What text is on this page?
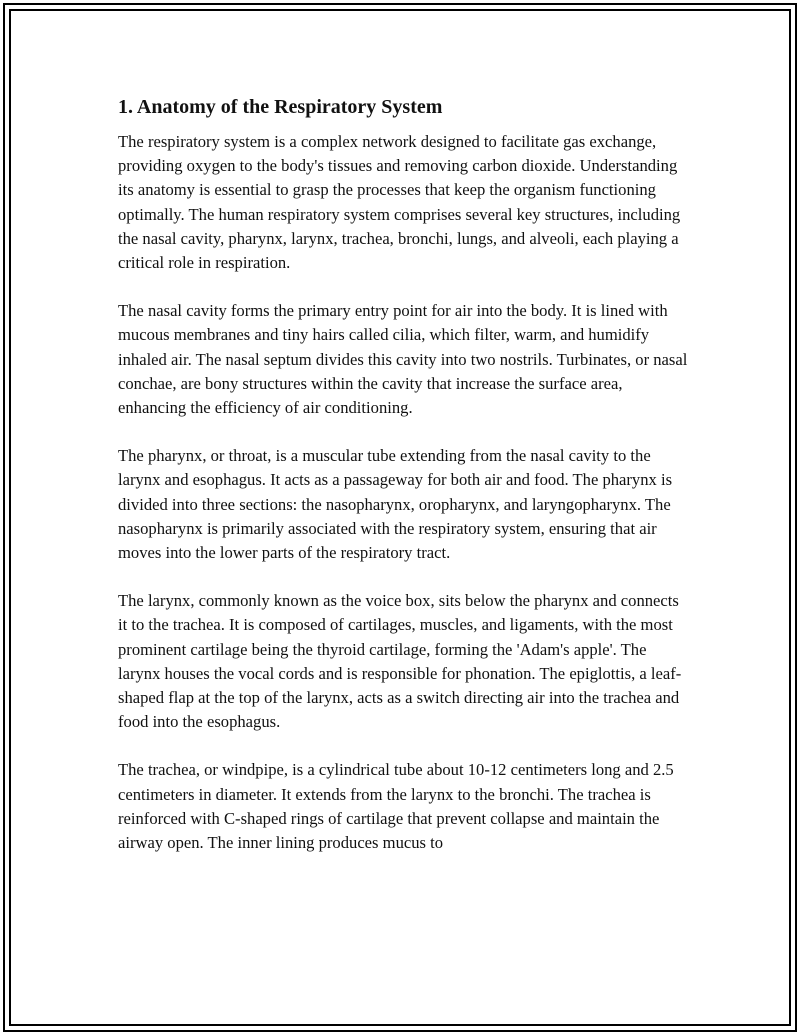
1. Anatomy of the Respiratory System

The respiratory system is a complex network designed to facilitate gas exchange, providing oxygen to the body's tissues and removing carbon dioxide. Understanding its anatomy is essential to grasp the processes that keep the organism functioning optimally. The human respiratory system comprises several key structures, including the nasal cavity, pharynx, larynx, trachea, bronchi, lungs, and alveoli, each playing a critical role in respiration.

The nasal cavity forms the primary entry point for air into the body. It is lined with mucous membranes and tiny hairs called cilia, which filter, warm, and humidify inhaled air. The nasal septum divides this cavity into two nostrils. Turbinates, or nasal conchae, are bony structures within the cavity that increase the surface area, enhancing the efficiency of air conditioning.

The pharynx, or throat, is a muscular tube extending from the nasal cavity to the larynx and esophagus. It acts as a passageway for both air and food. The pharynx is divided into three sections: the nasopharynx, oropharynx, and laryngopharynx. The nasopharynx is primarily associated with the respiratory system, ensuring that air moves into the lower parts of the respiratory tract.

The larynx, commonly known as the voice box, sits below the pharynx and connects it to the trachea. It is composed of cartilages, muscles, and ligaments, with the most prominent cartilage being the thyroid cartilage, forming the 'Adam's apple'. The larynx houses the vocal cords and is responsible for phonation. The epiglottis, a leaf-shaped flap at the top of the larynx, acts as a switch directing air into the trachea and food into the esophagus.

The trachea, or windpipe, is a cylindrical tube about 10-12 centimeters long and 2.5 centimeters in diameter. It extends from the larynx to the bronchi. The trachea is reinforced with C-shaped rings of cartilage that prevent collapse and maintain the airway open. The inner lining produces mucus to
